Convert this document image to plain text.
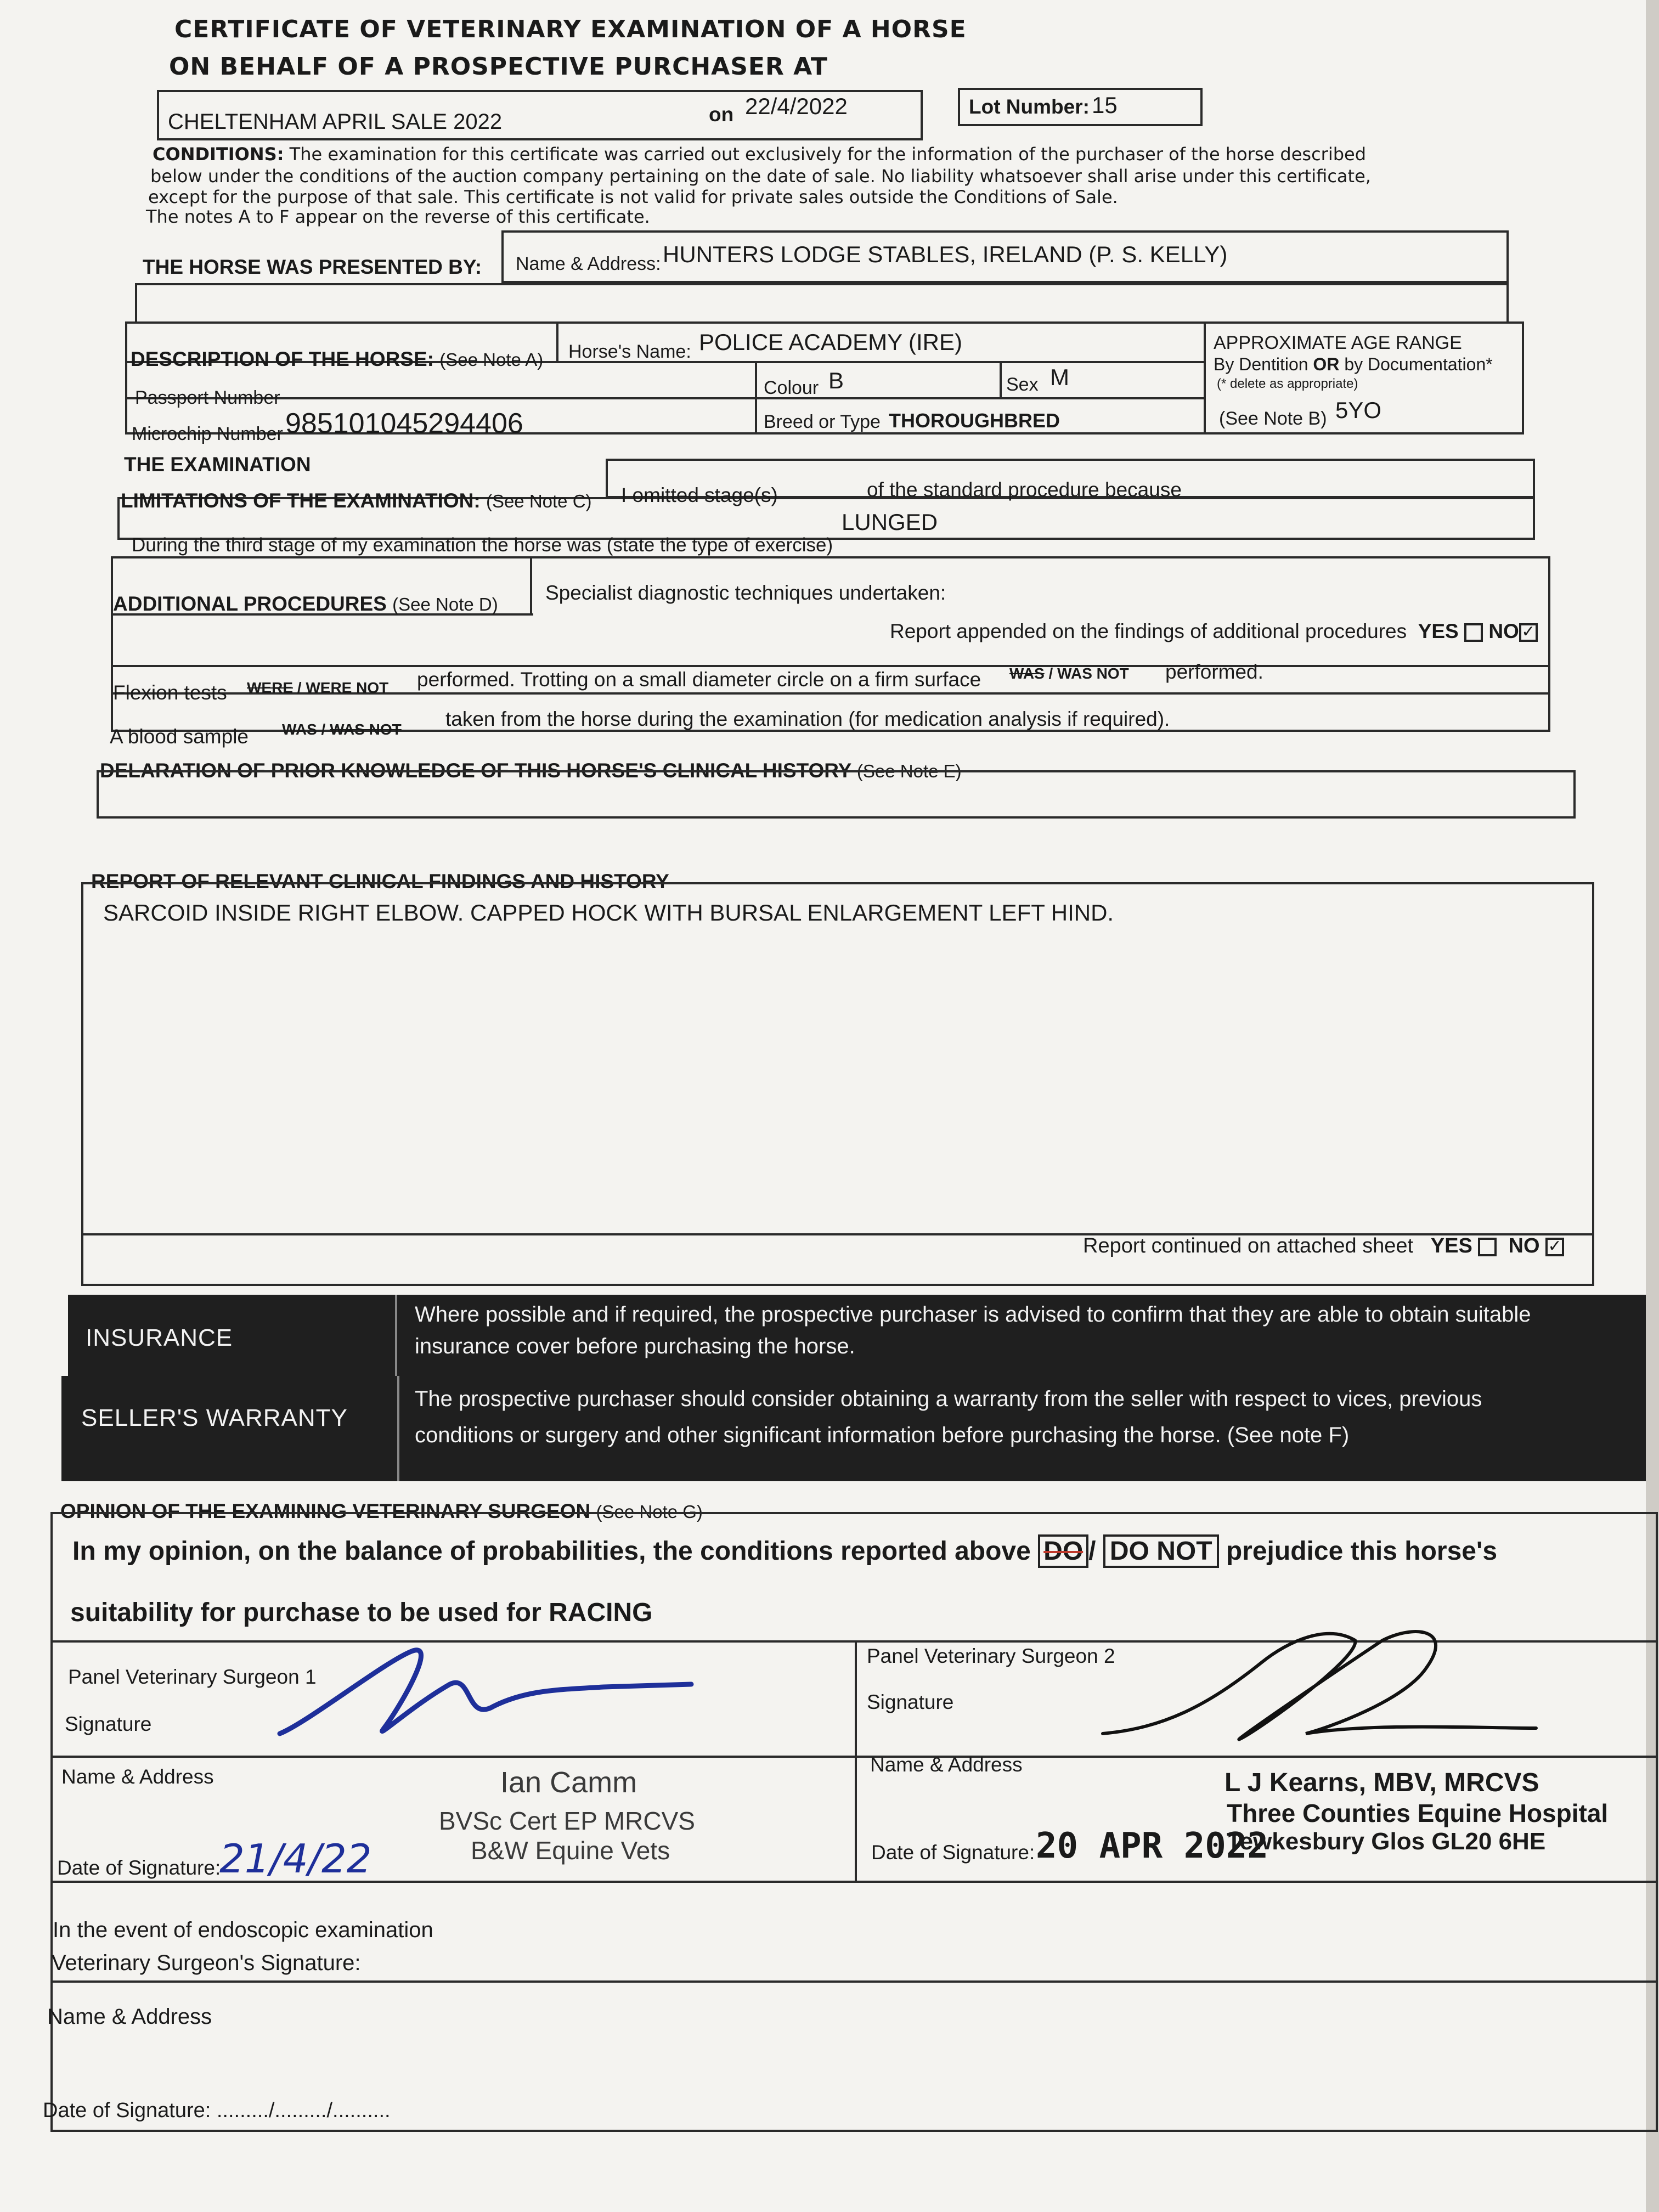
CERTIFICATE OF VETERINARY EXAMINATION OF A HORSE
ON BEHALF OF A PROSPECTIVE PURCHASER AT
CHELTENHAM APRIL SALE 2022	on 22/4/2022	Lot Number: 15
CONDITIONS: The examination for this certificate was carried out exclusively for the information of the purchaser of the horse described
below under the conditions of the auction company pertaining on the date of sale. No liability whatsoever shall arise under this certificate,
except for the purpose of that sale. This certificate is not valid for private sales outside the Conditions of Sale.
The notes A to F appear on the reverse of this certificate.
THE HORSE WAS PRESENTED BY: Name & Address: HUNTERS LODGE STABLES, IRELAND (P. S. KELLY)
DESCRIPTION OF THE HORSE: (See Note A) Horse's Name: POLICE ACADEMY (IRE)
Passport Number	Colour B	Sex M
Microchip Number 985101045294406	Breed or Type THOROUGHBRED
APPROXIMATE AGE RANGE
By Dentition OR by Documentation*
(* delete as appropriate)
(See Note B) 5YO
THE EXAMINATION
LIMITATIONS OF THE EXAMINATION: (See Note C) I omitted stage(s)	of the standard procedure because
During the third stage of my examination the horse was (state the type of exercise)
LUNGED
ADDITIONAL PROCEDURES (See Note D)
Specialist diagnostic techniques undertaken:
Report appended on the findings of additional procedures YES NO ✓
Flexion tests WERE / WERE NOT performed. Trotting on a small diameter circle on a firm surface WAS / WAS NOT performed.
A blood sample WAS / WAS NOT taken from the horse during the examination (for medication analysis if required).
DELARATION OF PRIOR KNOWLEDGE OF THIS HORSE'S CLINICAL HISTORY (See Note E)
REPORT OF RELEVANT CLINICAL FINDINGS AND HISTORY
SARCOID INSIDE RIGHT ELBOW. CAPPED HOCK WITH BURSAL ENLARGEMENT LEFT HIND.
Report continued on attached sheet YES NO ✓
INSURANCE
Where possible and if required, the prospective purchaser is advised to confirm that they are able to obtain suitable
insurance cover before purchasing the horse.
SELLER'S WARRANTY
The prospective purchaser should consider obtaining a warranty from the seller with respect to vices, previous
conditions or surgery and other significant information before purchasing the horse. (See note F)
OPINION OF THE EXAMINING VETERINARY SURGEON (See Note G)
In my opinion, on the balance of probabilities, the conditions reported above DO / DO NOT prejudice this horse's
suitability for purchase to be used for RACING
Panel Veterinary Surgeon 1
Signature
Name & Address	Ian Camm
BVSc Cert EP MRCVS
B&W Equine Vets
Date of Signature:
21/4/22
Panel Veterinary Surgeon 2
Signature
Name & Address
L J Kearns, MBV, MRCVS
Three Counties Equine Hospital
Tewkesbury Glos GL20 6HE
Date of Signature: 20 APR 2022
In the event of endoscopic examination
Veterinary Surgeon's Signature:
Name & Address
Date of Signature: ........./........./..........
